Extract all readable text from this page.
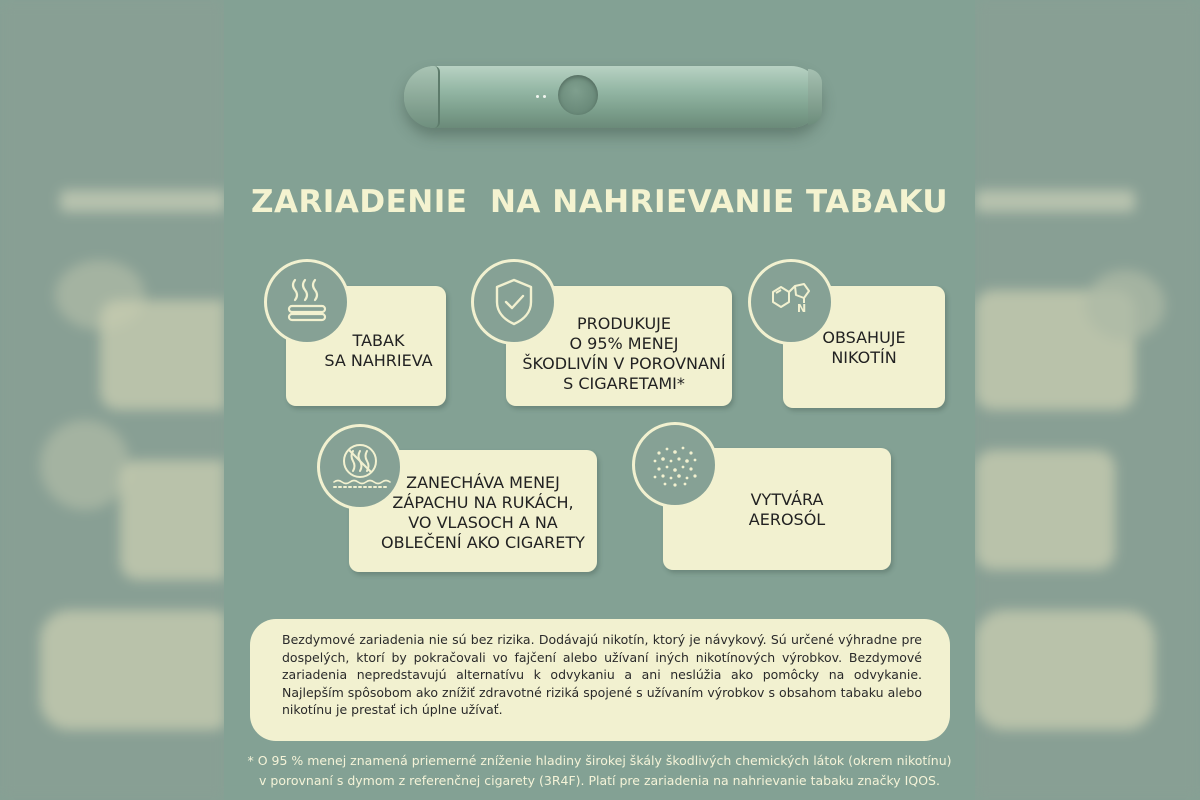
ZARIADENIE  NA NAHRIEVANIE TABAKU
TABAK
SA NAHRIEVA
PRODUKUJE
O 95% MENEJ
ŠKODLIVÍN V POROVNANÍ
S CIGARETAMI*
OBSAHUJE
NIKOTÍN
N
ZANECHÁVA MENEJ
ZÁPACHU NA RUKÁCH,
VO VLASOCH A NA
OBLEČENÍ AKO CIGARETY
VYTVÁRA
AEROSÓL

Bezdymové zariadenia nie sú bez rizika. Dodávajú nikotín, ktorý je návykový. Sú určené výhradne pre dospelých, ktorí by pokračovali vo fajčení alebo užívaní iných nikotínových výrobkov. Bezdymové zariadenia nepredstavujú alternatívu k odvykaniu a ani neslúžia ako pomôcky na odvykanie. Najlepším spôsobom ako znížiť zdravotné riziká spojené s užívaním výrobkov s obsahom tabaku alebo nikotínu je prestať ich úplne užívať.

* O 95 % menej znamená priemerné zníženie hladiny širokej škály škodlivých chemických látok (okrem nikotínu)

v porovnaní s dymom z referenčnej cigarety (3R4F). Platí pre zariadenia na nahrievanie tabaku značky IQOS.
